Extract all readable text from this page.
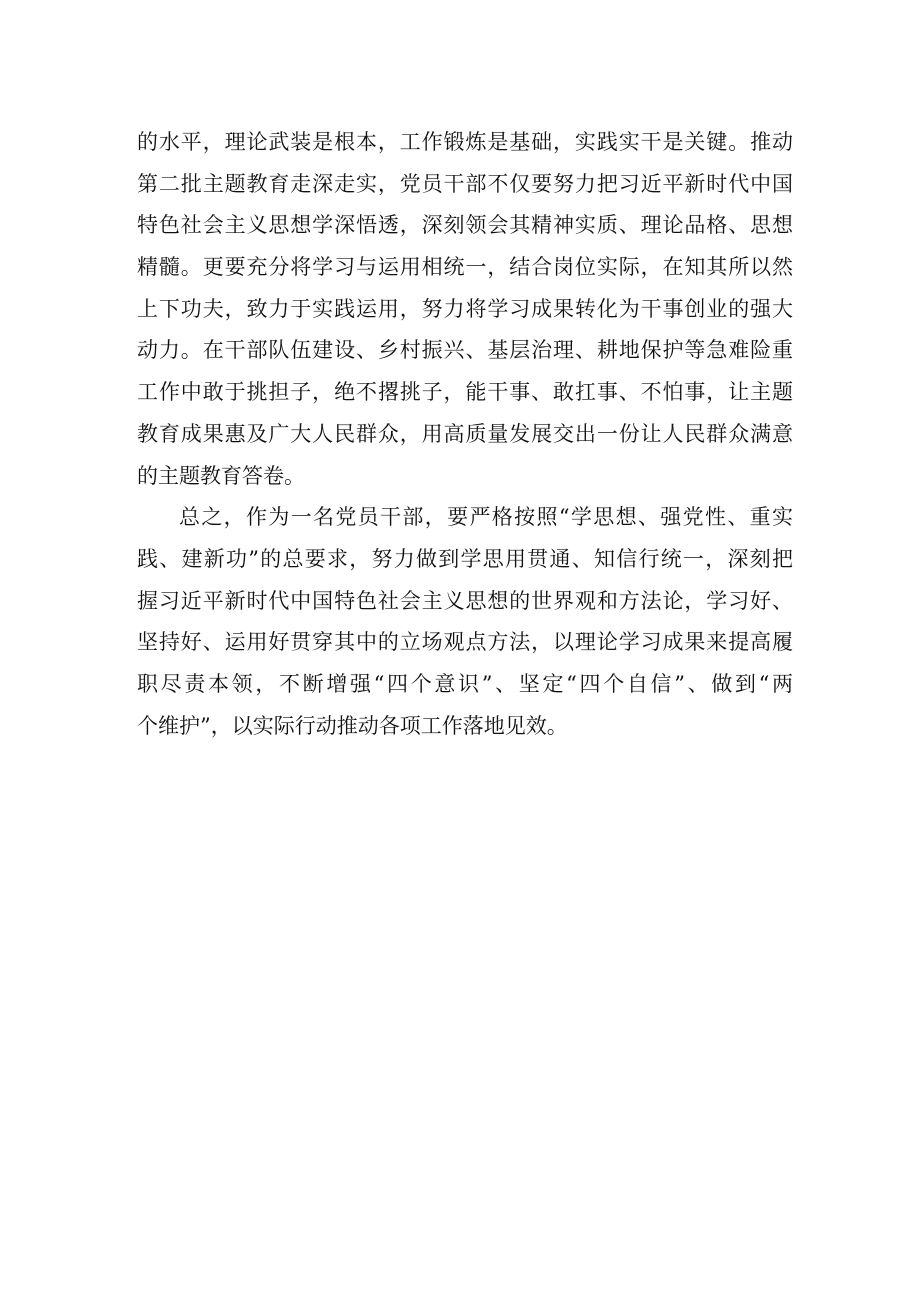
的水平，理论武装是根本，工作锻炼是基础，实践实干是关键。推动
第二批主题教育走深走实，党员干部不仅要努力把习近平新时代中国
特色社会主义思想学深悟透，深刻领会其精神实质、理论品格、思想
精髓。更要充分将学习与运用相统一，结合岗位实际，在知其所以然
上下功夫，致力于实践运用，努力将学习成果转化为干事创业的强大
动力。在干部队伍建设、乡村振兴、基层治理、耕地保护等急难险重
工作中敢于挑担子，绝不撂挑子，能干事、敢扛事、不怕事，让主题
教育成果惠及广大人民群众，用高质量发展交出一份让人民群众满意
的主题教育答卷。
总之，作为一名党员干部，要严格按照“学思想、强党性、重实
践、建新功”的总要求，努力做到学思用贯通、知信行统一，深刻把
握习近平新时代中国特色社会主义思想的世界观和方法论，学习好、
坚持好、运用好贯穿其中的立场观点方法，以理论学习成果来提高履
职尽责本领，不断增强“四个意识”、坚定“四个自信”、做到“两
个维护”，以实际行动推动各项工作落地见效。
